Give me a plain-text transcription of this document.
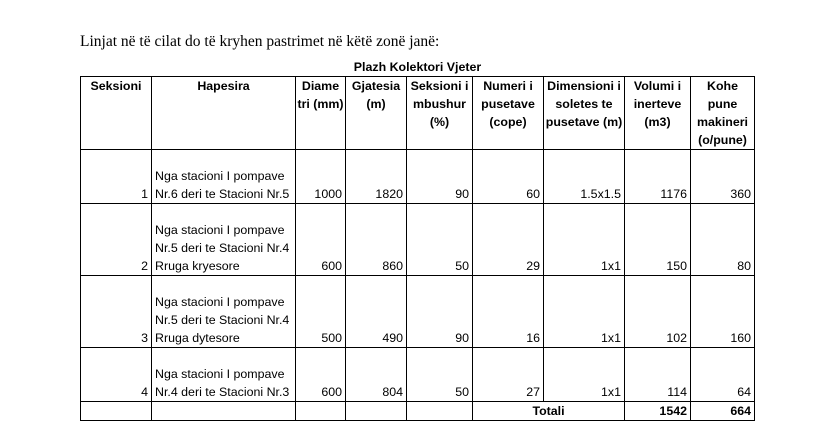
Linjat në të cilat do të kryhen pastrimet në këtë zonë janë:
Plazh Kolektori Vjeter								
Seksioni	Hapesira	Diame tri (mm)	Gjatesia (m)	Seksioni i mbushur (%)	Numeri i pusetave (cope)	Dimensioni i soletes te pusetave (m)	Volumi i inerteve (m3)	Kohe pune makineri (o/pune)
1	Nga stacioni I pompave Nr.6 deri te Stacioni Nr.5	1000	1820	90	60	1.5x1.5	1176	360
2	Nga stacioni I pompave Nr.5 deri te Stacioni Nr.4 Rruga kryesore	600	860	50	29	1x1	150	80
3	Nga stacioni I pompave Nr.5 deri te Stacioni Nr.4 Rruga dytesore	500	490	90	16	1x1	102	160
4	Nga stacioni I pompave Nr.4 deri te Stacioni Nr.3	600	804	50	27	1x1	114	64
					Totali		1542	664
